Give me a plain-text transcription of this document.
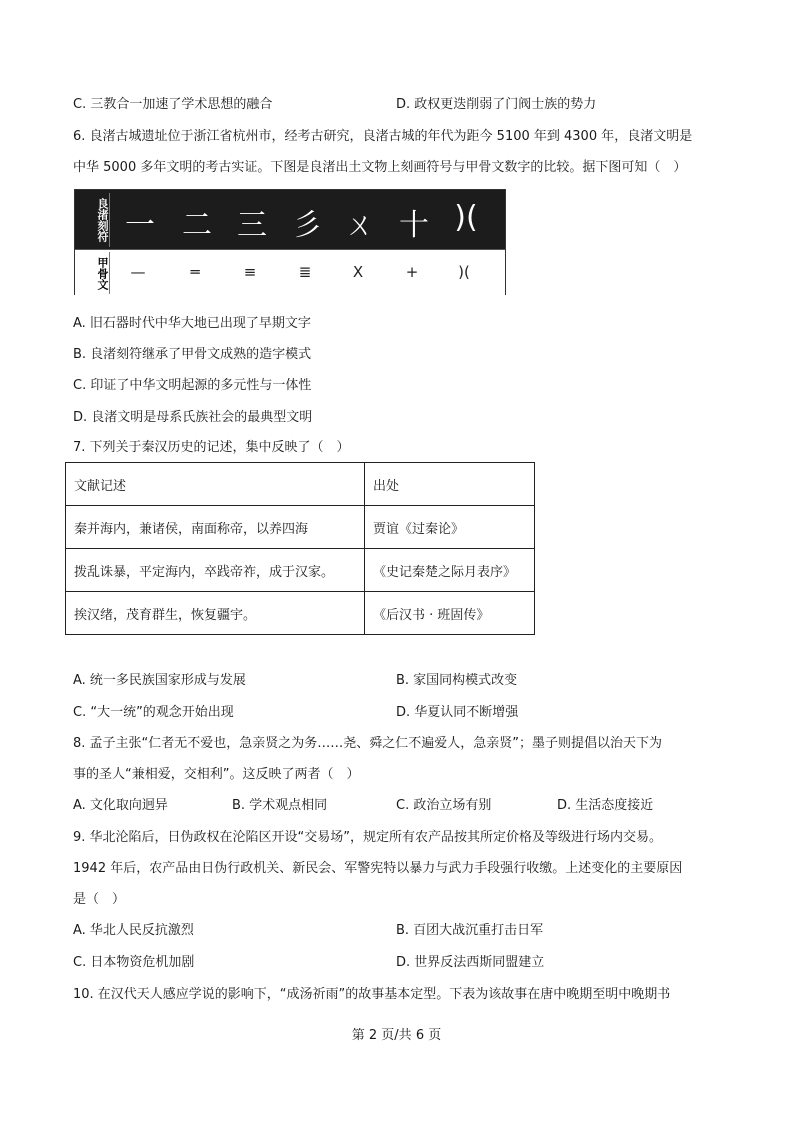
C. 三教合一加速了学术思想的融合	D. 政权更迭削弱了门阀士族的势力
6. 良渚古城遗址位于浙江省杭州市，经考古研究，良渚古城的年代为距今 5100 年到 4300 年，良渚文明是
中华 5000 多年文明的考古实证。下图是良渚出土文物上刻画符号与甲骨文数字的比较。据下图可知（　）
良渚刻符 一 二 三 彡 ㄨ 十 )(
甲骨文	—	═	≡	≣	X	+	)(
A. 旧石器时代中华大地已出现了早期文字
B. 良渚刻符继承了甲骨文成熟的造字模式
C. 印证了中华文明起源的多元性与一体性
D. 良渚文明是母系氏族社会的最典型文明
7. 下列关于秦汉历史的记述，集中反映了（　）
文献记述	出处
秦并海内，兼诸侯，南面称帝，以养四海	贾谊《过秦论》
拨乱诛暴，平定海内，卒践帝祚，成于汉家。	《史记秦楚之际月表序》
挨汉绪，茂育群生，恢复疆宇。	《后汉书 · 班固传》
A. 统一多民族国家形成与发展	B. 家国同构模式改变
C. “大一统”的观念开始出现	D. 华夏认同不断增强
8. 孟子主张“仁者无不爱也，急亲贤之为务……尧、舜之仁不遍爱人，急亲贤”；墨子则提倡以治天下为
事的圣人“兼相爱，交相利”。这反映了两者（　）
A. 文化取向迥异	B. 学术观点相同	C. 政治立场有别	D. 生活态度接近
9. 华北沦陷后，日伪政权在沦陷区开设“交易场”，规定所有农产品按其所定价格及等级进行场内交易。
1942 年后，农产品由日伪行政机关、新民会、军警宪特以暴力与武力手段强行收缴。上述变化的主要原因
是（　）
A. 华北人民反抗激烈	B. 百团大战沉重打击日军
C. 日本物资危机加剧	D. 世界反法西斯同盟建立
10. 在汉代天人感应学说的影响下，“成汤祈雨”的故事基本定型。下表为该故事在唐中晚期至明中晚期书
第 2 页/共 6 页
